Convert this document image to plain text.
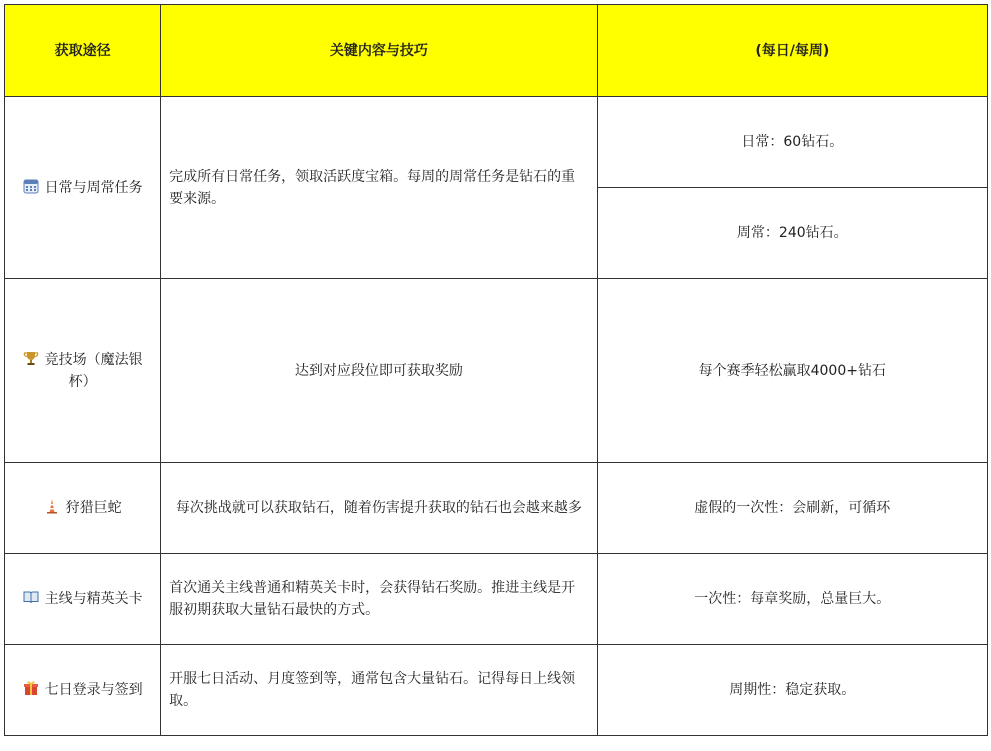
获取途径	关键内容与技巧	(每日/每周)
日常与周常任务	完成所有日常任务，领取活跃度宝箱。每周的周常任务是钻石的重要来源。	日常：60钻石。
		周常：240钻石。
竞技场（魔法银杯）	达到对应段位即可获取奖励	每个赛季轻松赢取4000+钻石
狩猎巨蛇	每次挑战就可以获取钻石，随着伤害提升获取的钻石也会越来越多	虚假的一次性：会刷新，可循环
主线与精英关卡	首次通关主线普通和精英关卡时，会获得钻石奖励。推进主线是开服初期获取大量钻石最快的方式。	一次性：每章奖励，总量巨大。
七日登录与签到	开服七日活动、月度签到等，通常包含大量钻石。记得每日上线领取。	周期性：稳定获取。
